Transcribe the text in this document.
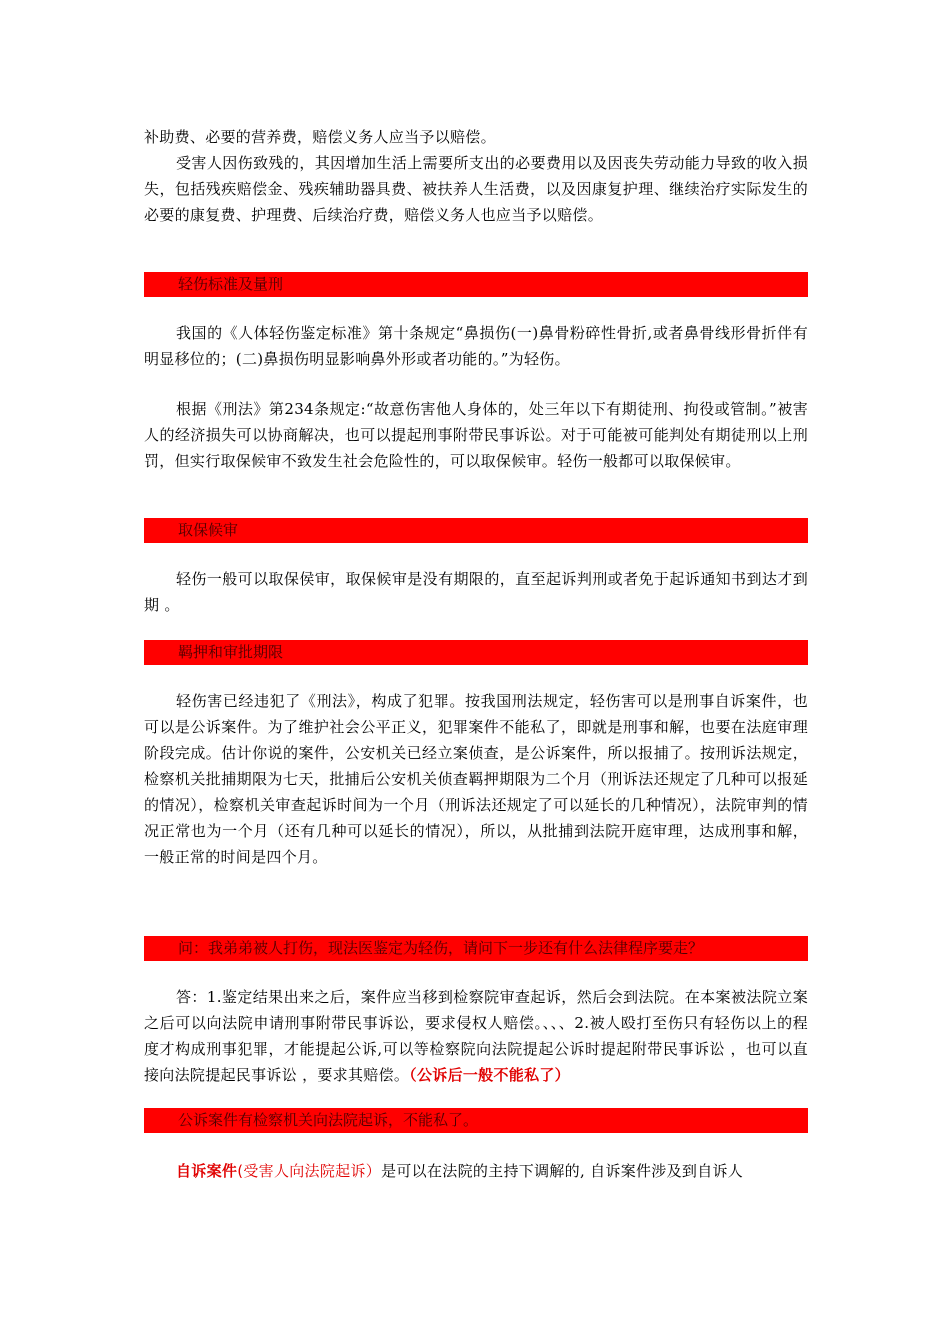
补助费、必要的营养费，赔偿义务人应当予以赔偿。

受害人因伤致残的，其因增加生活上需要所支出的必要费用以及因丧失劳动能力导致的收入损失，包括残疾赔偿金、残疾辅助器具费、被扶养人生活费，以及因康复护理、继续治疗实际发生的必要的康复费、护理费、后续治疗费，赔偿义务人也应当予以赔偿。

轻伤标准及量刑

我国的《人体轻伤鉴定标准》第十条规定“鼻损伤(一)鼻骨粉碎性骨折,或者鼻骨线形骨折伴有明显移位的；(二)鼻损伤明显影响鼻外形或者功能的。”为轻伤。

根据《刑法》第234条规定:“故意伤害他人身体的，处三年以下有期徒刑、拘役或管制。”被害人的经济损失可以协商解决，也可以提起刑事附带民事诉讼。对于可能被可能判处有期徒刑以上刑罚，但实行取保候审不致发生社会危险性的，可以取保候审。轻伤一般都可以取保候审。

取保候审

轻伤一般可以取保侯审，取保候审是没有期限的，直至起诉判刑或者免于起诉通知书到达才到期 。

羁押和审批期限

轻伤害已经违犯了《刑法》，构成了犯罪。按我国刑法规定，轻伤害可以是刑事自诉案件，也可以是公诉案件。为了维护社会公平正义，犯罪案件不能私了，即就是刑事和解，也要在法庭审理阶段完成。估计你说的案件，公安机关已经立案侦查，是公诉案件，所以报捕了。按刑诉法规定，检察机关批捕期限为七天，批捕后公安机关侦查羁押期限为二个月（刑诉法还规定了几种可以报延的情况），检察机关审查起诉时间为一个月（刑诉法还规定了可以延长的几种情况），法院审判的情况正常也为一个月（还有几种可以延长的情况），所以，从批捕到法院开庭审理，达成刑事和解，一般正常的时间是四个月。

问：我弟弟被人打伤，现法医鉴定为轻伤，请问下一步还有什么法律程序要走？

答：1.鉴定结果出来之后，案件应当移到检察院审查起诉，然后会到法院。在本案被法院立案之后可以向法院申请刑事附带民事诉讼，要求侵权人赔偿。、、、2.被人殴打至伤只有轻伤以上的程度才构成刑事犯罪，才能提起公诉,可以等检察院向法院提起公诉时提起附带民事诉讼 ，也可以直接向法院提起民事诉讼 ，要求其赔偿。（公诉后一般不能私了）

公诉案件有检察机关向法院起诉，不能私了。

自诉案件(受害人向法院起诉）是可以在法院的主持下调解的, 自诉案件涉及到自诉人
